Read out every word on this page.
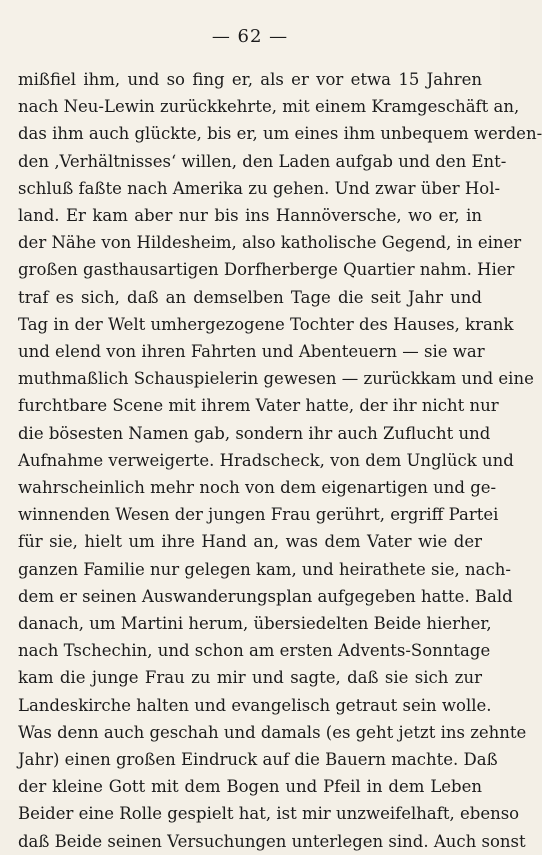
— 62 —
mißfiel ihm, und so fing er, als er vor etwa 15 Jahren
nach Neu-Lewin zurückkehrte, mit einem Kramgeschäft an,
das ihm auch glückte, bis er, um eines ihm unbequem werden-
den ‚Verhältnisses‘ willen, den Laden aufgab und den Ent-
schluß faßte nach Amerika zu gehen. Und zwar über Hol-
land. Er kam aber nur bis ins Hannöversche, wo er, in
der Nähe von Hildesheim, also katholische Gegend, in einer
großen gasthausartigen Dorfherberge Quartier nahm. Hier
traf es sich, daß an demselben Tage die seit Jahr und
Tag in der Welt umhergezogene Tochter des Hauses, krank
und elend von ihren Fahrten und Abenteuern — sie war
muthmaßlich Schauspielerin gewesen — zurückkam und eine
furchtbare Scene mit ihrem Vater hatte, der ihr nicht nur
die bösesten Namen gab, sondern ihr auch Zuflucht und
Aufnahme verweigerte. Hradscheck, von dem Unglück und
wahrscheinlich mehr noch von dem eigenartigen und ge-
winnenden Wesen der jungen Frau gerührt, ergriff Partei
für sie, hielt um ihre Hand an, was dem Vater wie der
ganzen Familie nur gelegen kam, und heirathete sie, nach-
dem er seinen Auswanderungsplan aufgegeben hatte. Bald
danach, um Martini herum, übersiedelten Beide hierher,
nach Tschechin, und schon am ersten Advents-Sonntage
kam die junge Frau zu mir und sagte, daß sie sich zur
Landeskirche halten und evangelisch getraut sein wolle.
Was denn auch geschah und damals (es geht jetzt ins zehnte
Jahr) einen großen Eindruck auf die Bauern machte. Daß
der kleine Gott mit dem Bogen und Pfeil in dem Leben
Beider eine Rolle gespielt hat, ist mir unzweifelhaft, ebenso
daß Beide seinen Versuchungen unterlegen sind. Auch sonst
